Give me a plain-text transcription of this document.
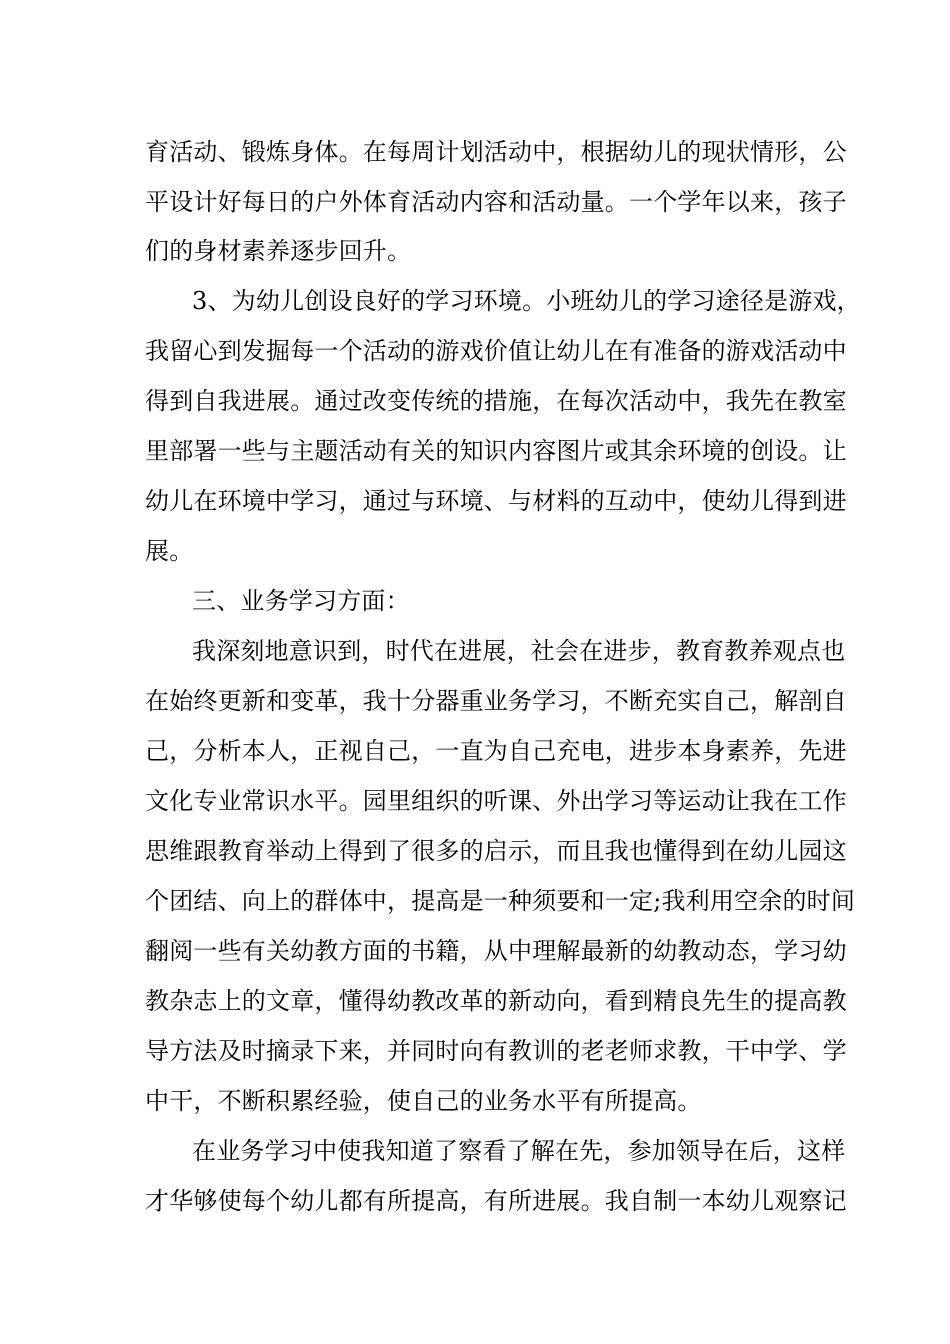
育活动、锻炼身体。在每周计划活动中，根据幼儿的现状情形，公
平设计好每日的户外体育活动内容和活动量。一个学年以来，孩子
们的身材素养逐步回升。
3、为幼儿创设良好的学习环境。小班幼儿的学习途径是游戏，
我留心到发掘每一个活动的游戏价值让幼儿在有准备的游戏活动中
得到自我进展。通过改变传统的措施，在每次活动中，我先在教室
里部署一些与主题活动有关的知识内容图片或其余环境的创设。让
幼儿在环境中学习，通过与环境、与材料的互动中，使幼儿得到进
展。
三、业务学习方面：
我深刻地意识到，时代在进展，社会在进步，教育教养观点也
在始终更新和变革，我十分器重业务学习，不断充实自己，解剖自
己，分析本人，正视自己，一直为自己充电，进步本身素养，先进
文化专业常识水平。园里组织的听课、外出学习等运动让我在工作
思维跟教育举动上得到了很多的启示，而且我也懂得到在幼儿园这
个团结、向上的群体中，提高是一种须要和一定;我利用空余的时间
翻阅一些有关幼教方面的书籍，从中理解最新的幼教动态，学习幼
教杂志上的文章，懂得幼教改革的新动向，看到精良先生的提高教
导方法及时摘录下来，并同时向有教训的老老师求教，干中学、学
中干，不断积累经验，使自己的业务水平有所提高。
在业务学习中使我知道了察看了解在先，参加领导在后，这样
才华够使每个幼儿都有所提高，有所进展。我自制一本幼儿观察记
